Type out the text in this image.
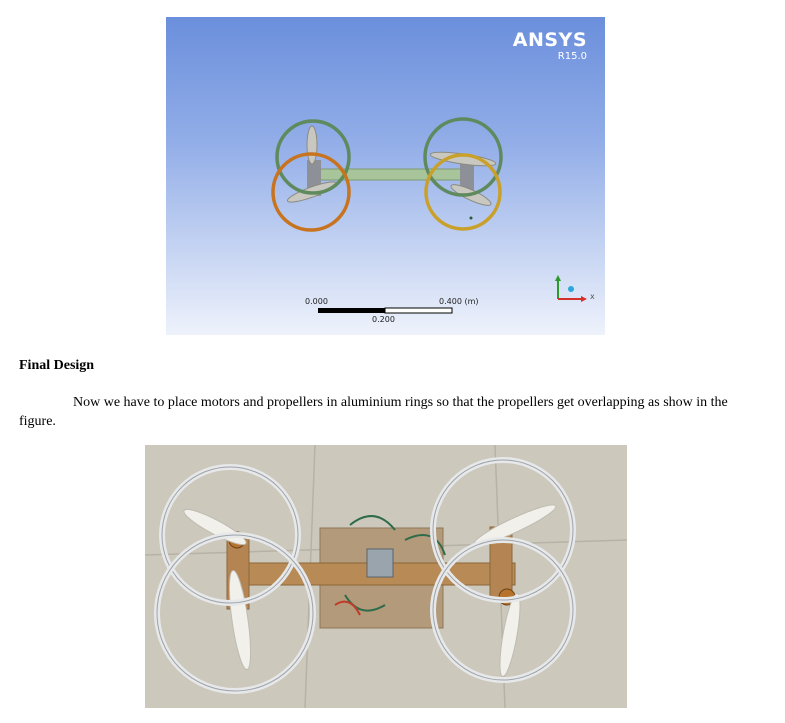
ANSYS
R15.0
0.000	0.400 (m)
0.200
x
Final Design

Now we have to place motors and propellers in aluminium rings so that the propellers get overlapping as show in the figure.
